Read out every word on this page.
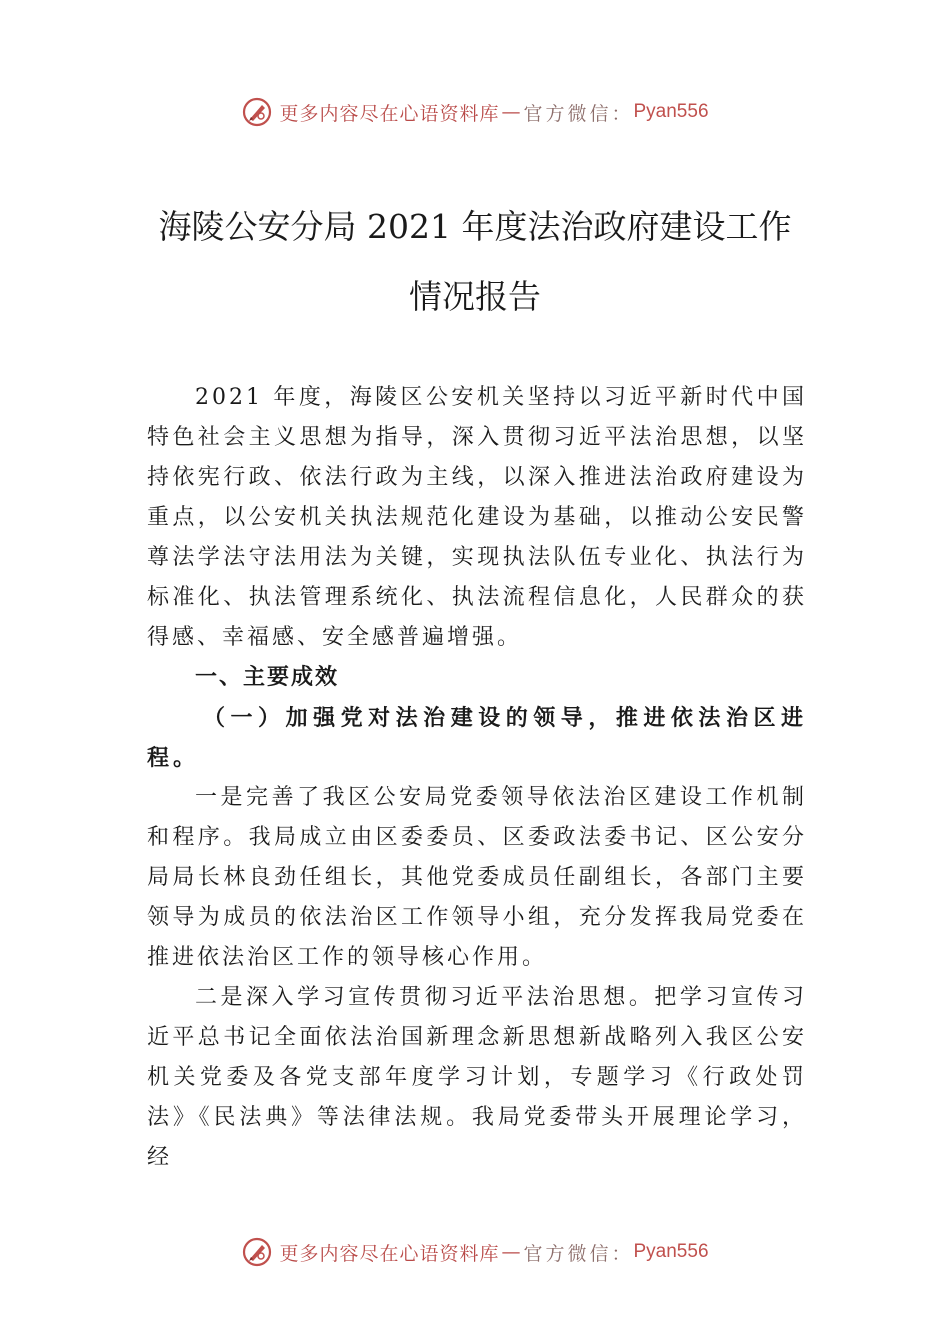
更多内容尽在心语资料库 — 官方微信： Pyan556
海陵公安分局 2021 年度法治政府建设工作
情况报告

2021 年度，海陵区公安机关坚持以习近平新时代中国特色社会主义思想为指导，深入贯彻习近平法治思想，以坚持依宪行政、依法行政为主线，以深入推进法治政府建设为重点，以公安机关执法规范化建设为基础，以推动公安民警尊法学法守法用法为关键，实现执法队伍专业化、执法行为标准化、执法管理系统化、执法流程信息化，人民群众的获得感、幸福感、安全感普遍增强。

一、主要成效

（一）加强党对法治建设的领导，推进依法治区进程。

一是完善了我区公安局党委领导依法治区建设工作机制和程序。我局成立由区委委员、区委政法委书记、区公安分局局长林良劲任组长，其他党委成员任副组长，各部门主要领导为成员的依法治区工作领导小组，充分发挥我局党委在推进依法治区工作的领导核心作用。

二是深入学习宣传贯彻习近平法治思想。把学习宣传习近平总书记全面依法治国新理念新思想新战略列入我区公安机关党委及各党支部年度学习计划，专题学习《行政处罚法》《民法典》等法律法规。我局党委带头开展理论学习，经

更多内容尽在心语资料库 — 官方微信： Pyan556
